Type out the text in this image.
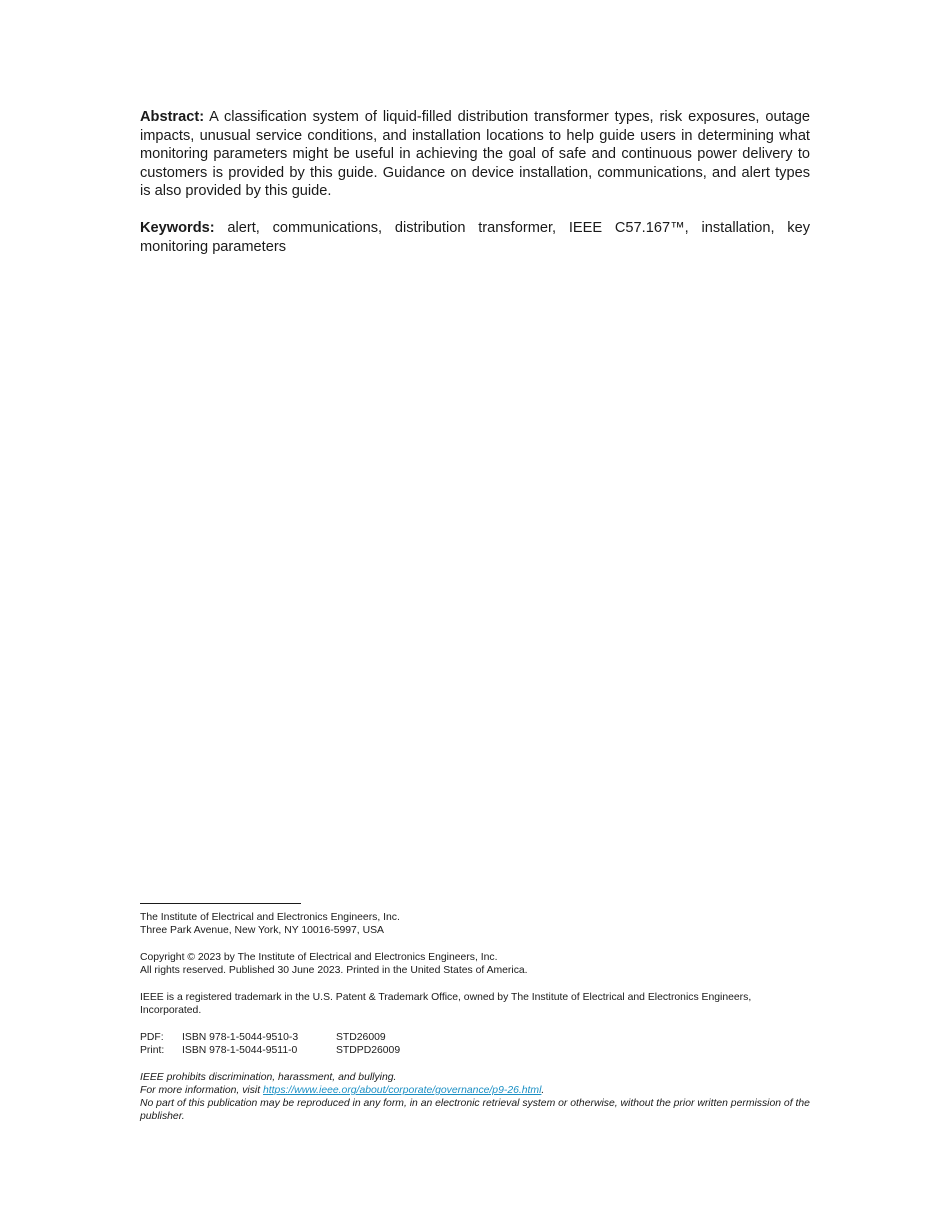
Abstract: A classification system of liquid-filled distribution transformer types, risk exposures, outage impacts, unusual service conditions, and installation locations to help guide users in determining what monitoring parameters might be useful in achieving the goal of safe and continuous power delivery to customers is provided by this guide. Guidance on device installation, communications, and alert types is also provided by this guide.

Keywords: alert, communications, distribution transformer, IEEE C57.167™, installation, key monitoring parameters

The Institute of Electrical and Electronics Engineers, Inc.
Three Park Avenue, New York, NY 10016-5997, USA
Copyright © 2023 by The Institute of Electrical and Electronics Engineers, Inc.
All rights reserved. Published 30 June 2023. Printed in the United States of America.
IEEE is a registered trademark in the U.S. Patent & Trademark Office, owned by The Institute of Electrical and Electronics Engineers, Incorporated.
PDF:	ISBN 978-1-5044-9510-3	STD26009
Print:	ISBN 978-1-5044-9511-0	STDPD26009
IEEE prohibits discrimination, harassment, and bullying.
For more information, visit https://www.ieee.org/about/corporate/governance/p9-26.html.
No part of this publication may be reproduced in any form, in an electronic retrieval system or otherwise, without the prior written permission of the publisher.
